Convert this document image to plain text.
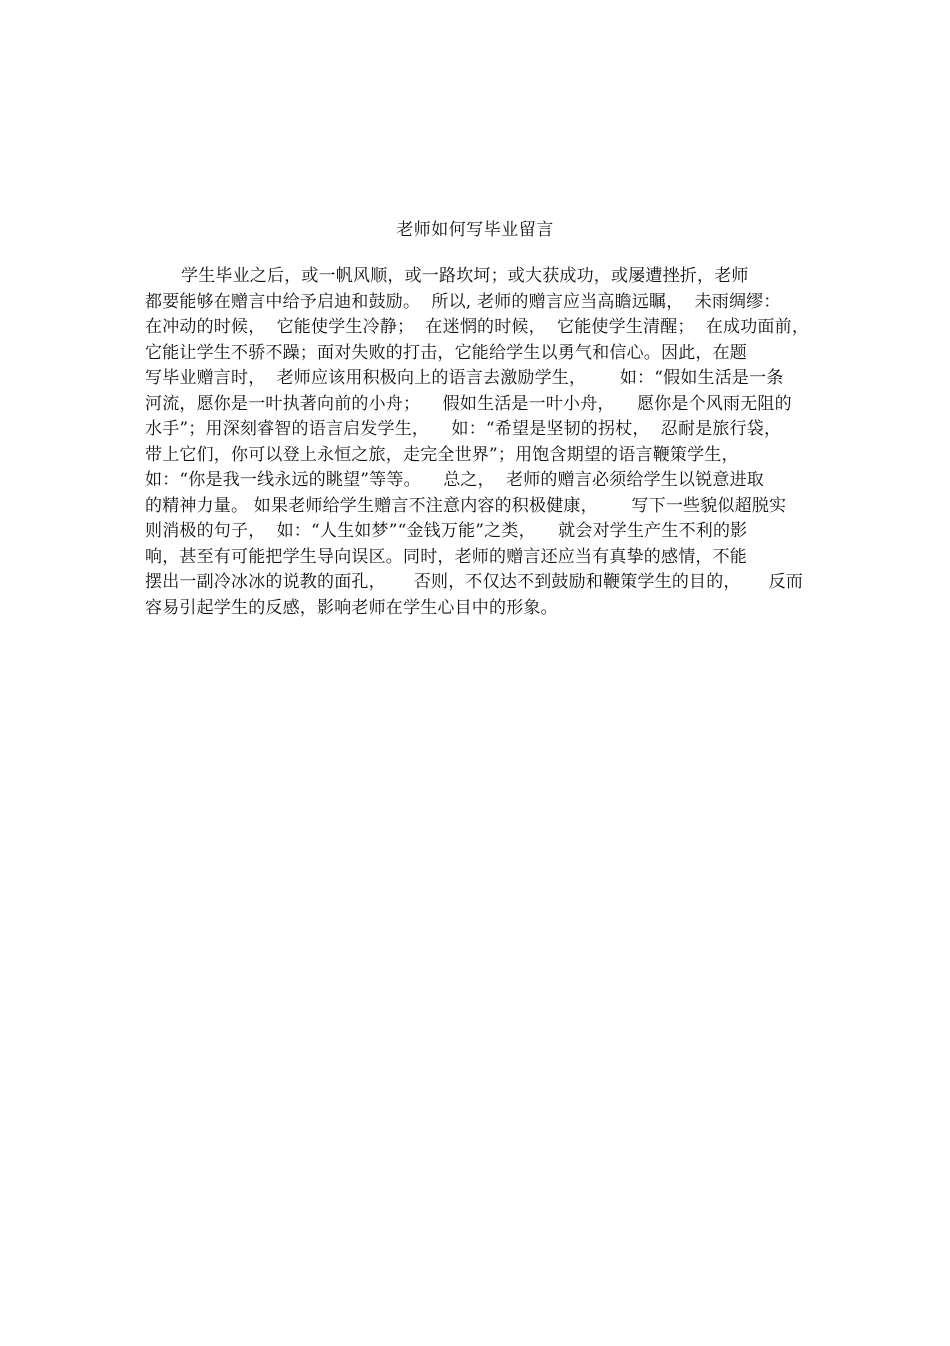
老师如何写毕业留言
学生毕业之后，或一帆风顺，或一路坎坷；或大获成功，或屡遭挫折，老师
都要能够在赠言中给予启迪和鼓励。  所以, 老师的赠言应当高瞻远瞩，  未雨绸缪：
在冲动的时候，  它能使学生冷静；  在迷惘的时候，  它能使学生清醒；  在成功面前，
它能让学生不骄不躁；面对失败的打击，它能给学生以勇气和信心。因此，在题
写毕业赠言时，  老师应该用积极向上的语言去激励学生，      如：“假如生活是一条
河流，愿你是一叶执著向前的小舟；    假如生活是一叶小舟，    愿你是个风雨无阻的
水手”；用深刻睿智的语言启发学生，    如：“希望是坚韧的拐杖，  忍耐是旅行袋，
带上它们，你可以登上永恒之旅，走完全世界”；用饱含期望的语言鞭策学生，
如：“你是我一线永远的眺望”等等。    总之，  老师的赠言必须给学生以锐意进取
的精神力量。 如果老师给学生赠言不注意内容的积极健康，      写下一些貌似超脱实
则消极的句子，  如：“人生如梦”“金钱万能”之类，    就会对学生产生不利的影
响，甚至有可能把学生导向误区。同时，老师的赠言还应当有真挚的感情，不能
摆出一副冷冰冰的说教的面孔，     否则，不仅达不到鼓励和鞭策学生的目的，     反而
容易引起学生的反感，影响老师在学生心目中的形象。
